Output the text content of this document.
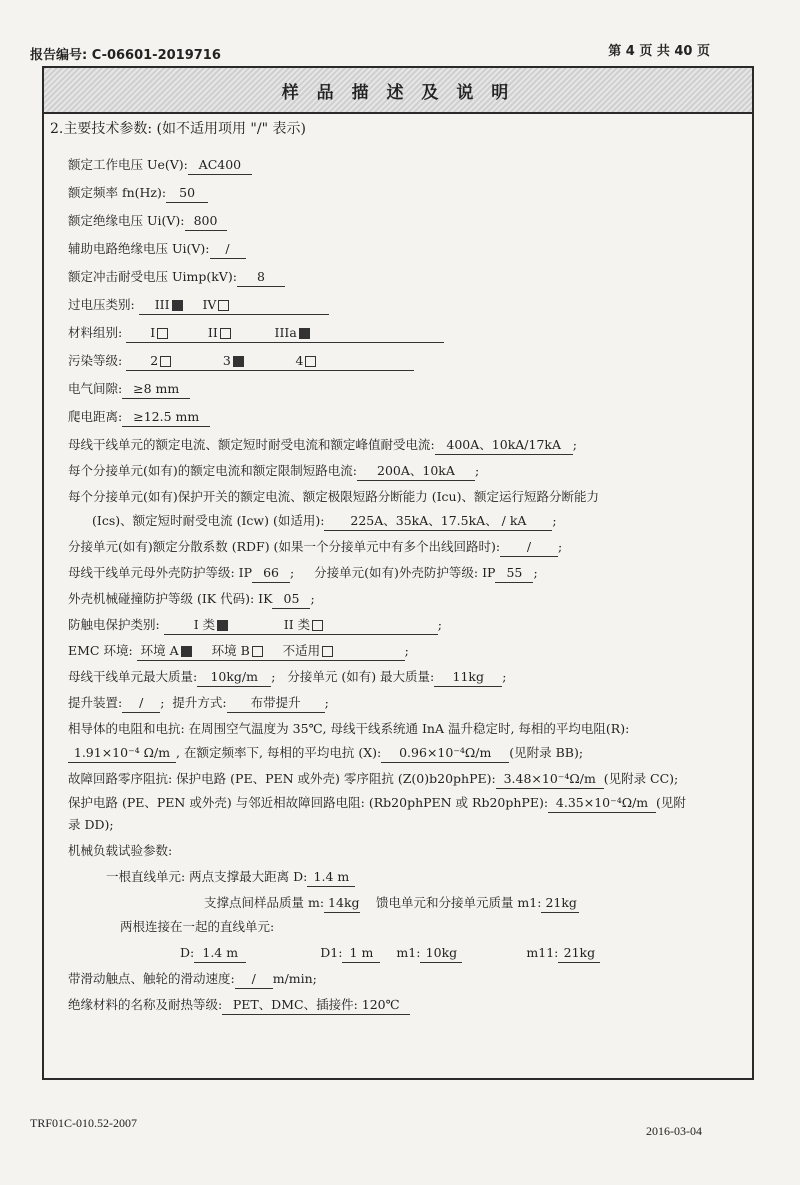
报告编号: C-06601-2019716	第 4 页 共 40 页
样 品 描 述 及 说 明
2.主要技术参数: (如不适用项用 "/" 表示)
额定工作电压 Ue(V): AC400
额定频率 fn(Hz): 50
额定绝缘电压 Ui(V): 800
辅助电路绝缘电压 Ui(V): /
额定冲击耐受电压 Uimp(kV): 8
过电压类别: III	IV
材料组别: I	II	IIIa
污染等级: 2	3	4
电气间隙: ≥8 mm
爬电距离: ≥12.5 mm
母线干线单元的额定电流、额定短时耐受电流和额定峰值耐受电流: 400A、10kA/17kA ;
每个分接单元(如有)的额定电流和额定限制短路电流: 200A、10kA ;
每个分接单元(如有)保护开关的额定电流、额定极限短路分断能力 (Icu)、额定运行短路分断能力
(Ics)、额定短时耐受电流 (Icw) (如适用): 225A、35kA、17.5kA、 / kA ;
分接单元(如有)额定分散系数 (RDF) (如果一个分接单元中有多个出线回路时): / ;
母线干线单元母外壳防护等级: IP 66 ;     分接单元(如有)外壳防护等级: IP 55 ;
外壳机械碰撞防护等级 (IK 代码): IK 05 ;
防触电保护类别:	I 类	II 类	;
EMC 环境: 环境 A	环境 B	不适用	;
母线干线单元最大质量: 10kg/m ;   分接单元 (如有) 最大质量: 11kg ;
提升装置: / ;  提升方式: 布带提升 ;
相导体的电阻和电抗: 在周围空气温度为 35℃, 母线干线系统通 InA 温升稳定时, 每相的平均电阻(R):
1.91×10⁻⁴ Ω/m , 在额定频率下, 每相的平均电抗 (X): 0.96×10⁻⁴Ω/m (见附录 BB);
故障回路零序阻抗: 保护电路 (PE、PEN 或外壳) 零序阻抗 (Z(0)b20phPE): 3.48×10⁻⁴Ω/m (见附录 CC);
保护电路 (PE、PEN 或外壳) 与邻近相故障回路电阻: (Rb20phPEN 或 Rb20phPE): 4.35×10⁻⁴Ω/m (见附
录 DD);
机械负载试验参数:
一根直线单元: 两点支撑最大距离 D: 1.4 m
支撑点间样品质量 m: 14kg 馈电单元和分接单元质量 m1: 21kg
两根连接在一起的直线单元:
D: 1.4 m	D1: 1 m m1: 10kg	m11: 21kg
带滑动触点、触轮的滑动速度: / m/min;
绝缘材料的名称及耐热等级: PET、DMC、插接件: 120℃
TRF01C-010.52-2007
2016-03-04
